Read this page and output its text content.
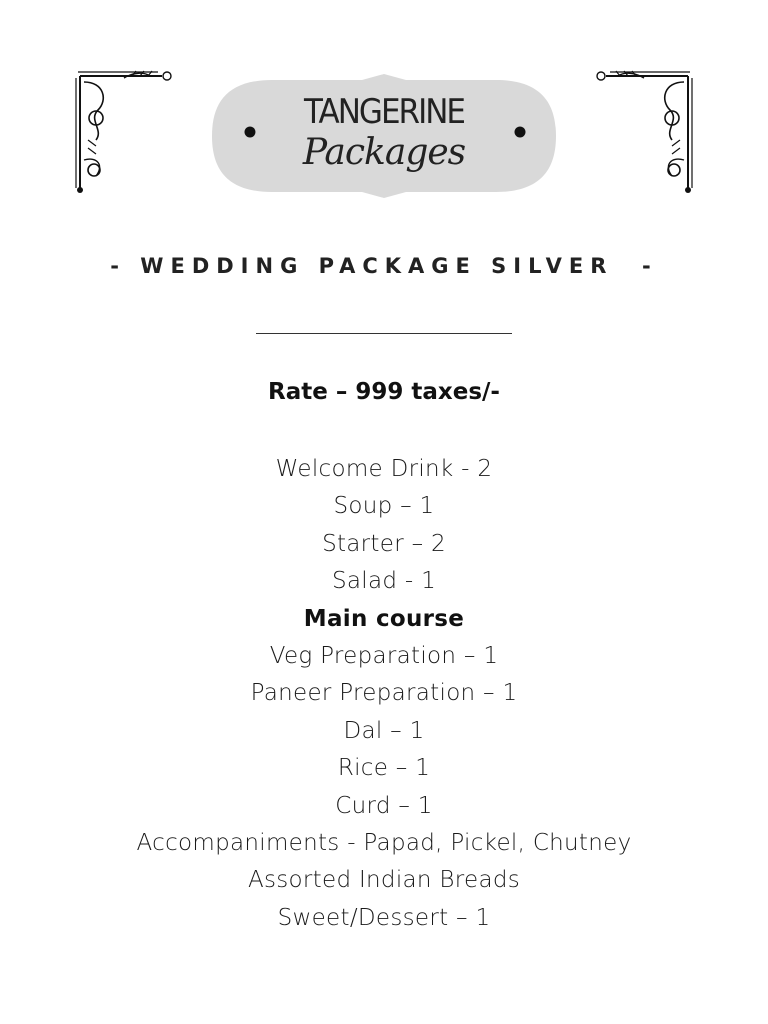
TANGERINE
Packages
- WEDDING PACKAGE SILVER  -
Rate – 999 taxes/-
Welcome Drink - 2
Soup – 1
Starter – 2
Salad - 1
Main course
Veg Preparation – 1
Paneer Preparation – 1
Dal – 1
Rice – 1
Curd – 1
Accompaniments - Papad, Pickel, Chutney
Assorted Indian Breads
Sweet/Dessert – 1
